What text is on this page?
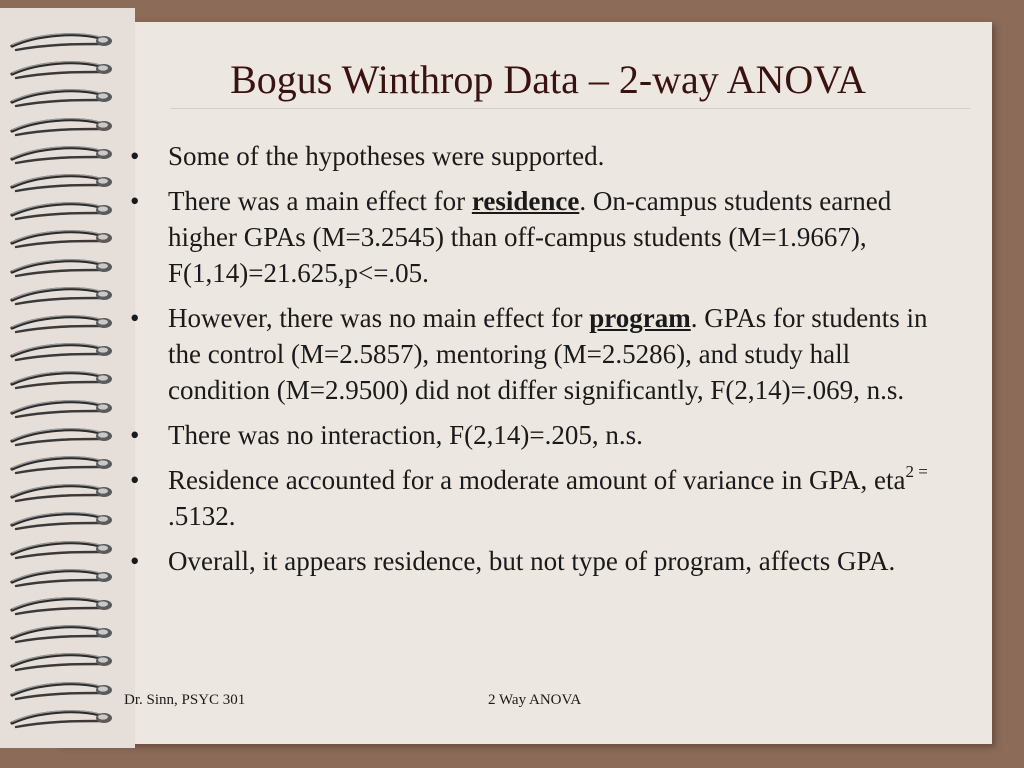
Bogus Winthrop Data – 2-way ANOVA
• Some of the hypotheses were supported.
• There was a main effect for residence. On-campus students earned higher GPAs (M=3.2545) than off-campus students (M=1.9667), F(1,14)=21.625,p<=.05.
• However, there was no main effect for program. GPAs for students in the control (M=2.5857), mentoring (M=2.5286), and study hall condition (M=2.9500) did not differ significantly, F(2,14)=.069, n.s.
• There was no interaction, F(2,14)=.205, n.s.
• Residence accounted for a moderate amount of variance in GPA, eta$^{2 =}$ .5132.
• Overall, it appears residence, but not type of program, affects GPA.
Dr. Sinn, PSYC 301	2 Way ANOVA
